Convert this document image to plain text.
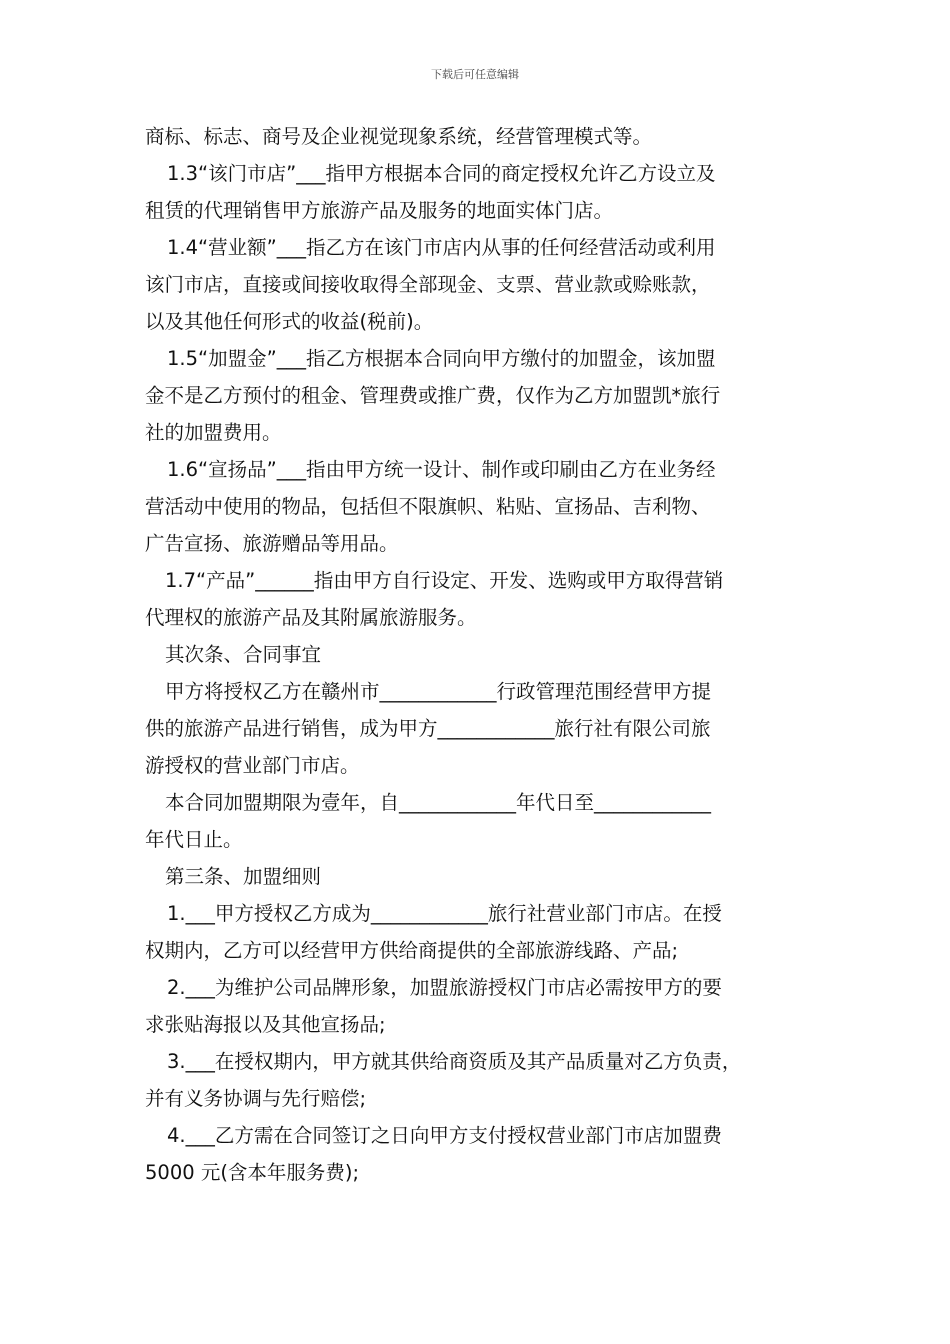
下载后可任意编辑
商标、标志、商号及企业视觉现象系统，经营管理模式等。
1.3“该门市店”___指甲方根据本合同的商定授权允许乙方设立及
租赁的代理销售甲方旅游产品及服务的地面实体门店。
1.4“营业额”___指乙方在该门市店内从事的任何经营活动或利用
该门市店，直接或间接收取得全部现金、支票、营业款或赊账款，
以及其他任何形式的收益(税前)。
1.5“加盟金”___指乙方根据本合同向甲方缴付的加盟金，该加盟
金不是乙方预付的租金、管理费或推广费，仅作为乙方加盟凯*旅行
社的加盟费用。
1.6“宣扬品”___指由甲方统一设计、制作或印刷由乙方在业务经
营活动中使用的物品，包括但不限旗帜、粘贴、宣扬品、吉利物、
广告宣扬、旅游赠品等用品。
1.7“产品”______指由甲方自行设定、开发、选购或甲方取得营销
代理权的旅游产品及其附属旅游服务。
其次条、合同事宜
甲方将授权乙方在赣州市____________行政管理范围经营甲方提
供的旅游产品进行销售，成为甲方____________旅行社有限公司旅
游授权的营业部门市店。
本合同加盟期限为壹年，自____________年代日至____________
年代日止。
第三条、加盟细则
1.___甲方授权乙方成为____________旅行社营业部门市店。在授
权期内，乙方可以经营甲方供给商提供的全部旅游线路、产品;
2.___为维护公司品牌形象，加盟旅游授权门市店必需按甲方的要
求张贴海报以及其他宣扬品;
3.___在授权期内，甲方就其供给商资质及其产品质量对乙方负责，
并有义务协调与先行赔偿;
4.___乙方需在合同签订之日向甲方支付授权营业部门市店加盟费
5000 元(含本年服务费);
